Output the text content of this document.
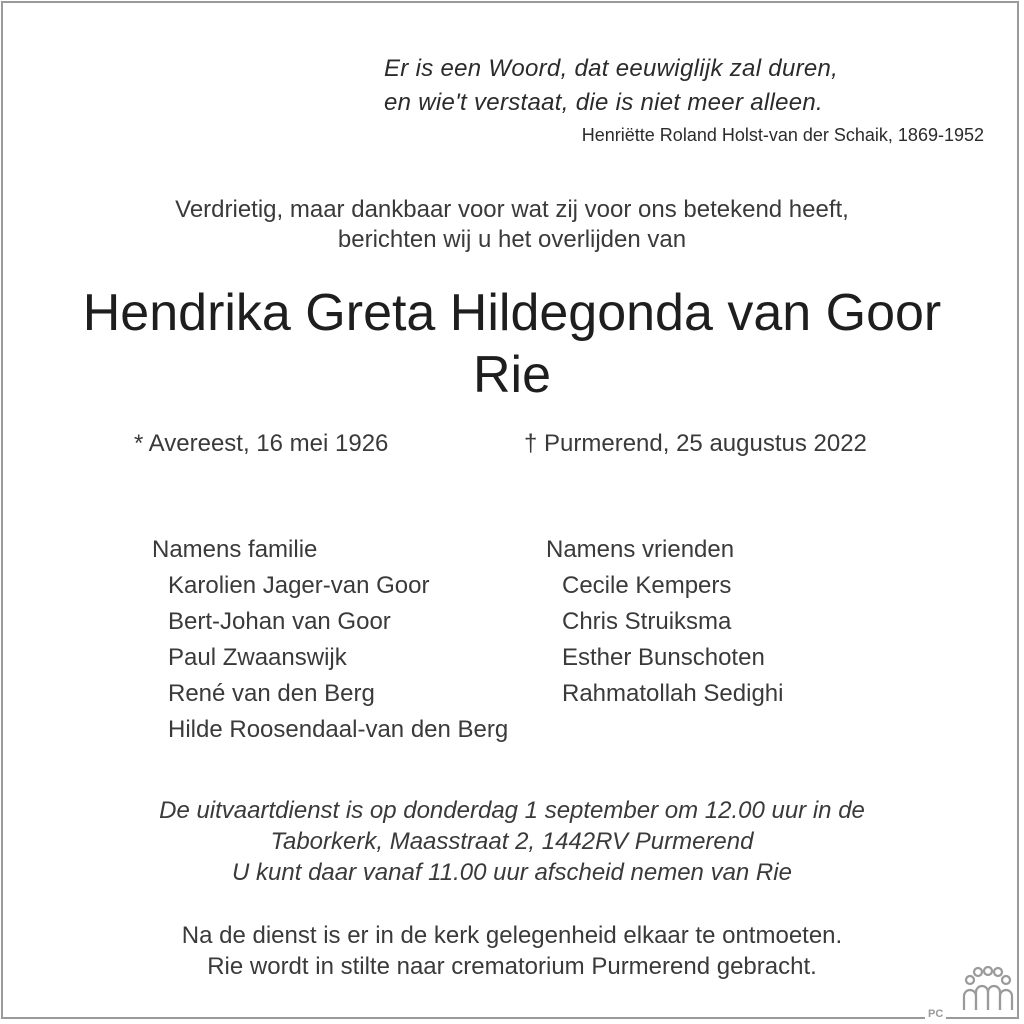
Er is een Woord, dat eeuwiglijk zal duren,
en wie't verstaat, die is niet meer alleen.
Henriëtte Roland Holst-van der Schaik, 1869-1952
Verdrietig, maar dankbaar voor wat zij voor ons betekend heeft,
berichten wij u het overlijden van
Hendrika Greta Hildegonda van Goor
Rie
* Avereest, 16 mei 1926	† Purmerend, 25 augustus 2022
Namens familie
Karolien Jager-van Goor
Bert-Johan van Goor
Paul Zwaanswijk
René van den Berg
Hilde Roosendaal-van den Berg
Namens vrienden
Cecile Kempers
Chris Struiksma
Esther Bunschoten
Rahmatollah Sedighi
De uitvaartdienst is op donderdag 1 september om 12.00 uur in de
Taborkerk, Maasstraat 2, 1442RV Purmerend
U kunt daar vanaf 11.00 uur afscheid nemen van Rie
Na de dienst is er in de kerk gelegenheid elkaar te ontmoeten.
Rie wordt in stilte naar crematorium Purmerend gebracht.
PC
